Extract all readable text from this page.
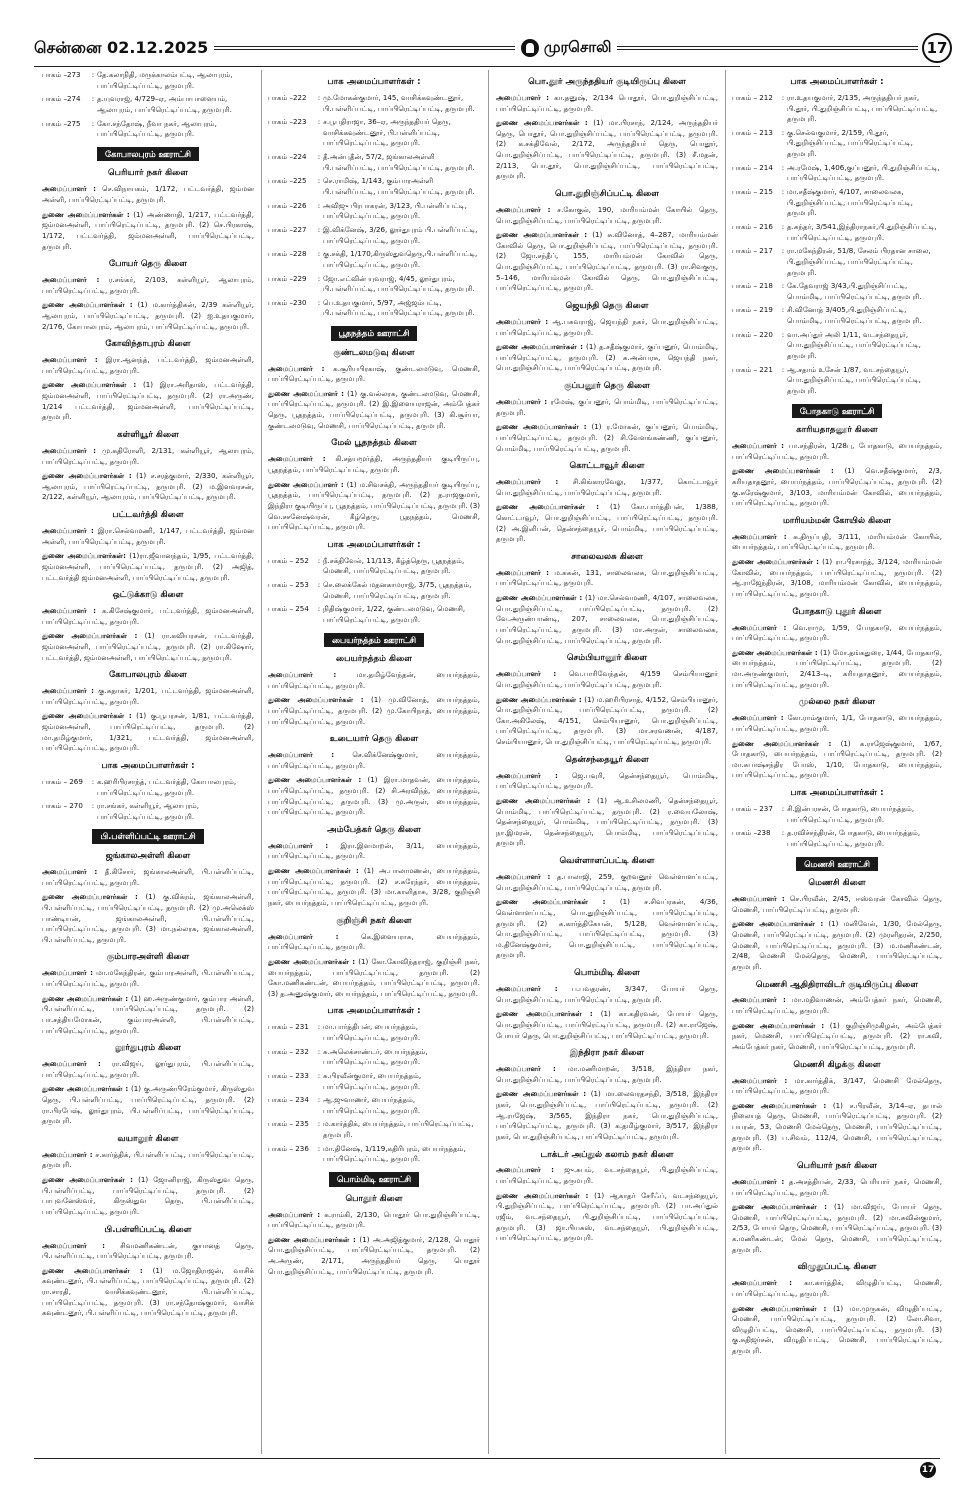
சென்னை 02.12.2025	முரசொலி	17
பாகம் –273	: தே.கலாநிதி, மருக்காலம்பட்டி, ஆலாபுரம், பாப்பிரெட்டிப்பட்டி, தருமபுரி.
பாகம் –274	: த.யுவராஜ், 4/729–ஏ, அம்பாபாளையம், ஆலாபுரம், பாப்பிரெட்டிப்பட்டி, தருமபுரி.
பாகம் –275	: கோ.சந்தோஷ், நீவா நகர், ஆலாபுரம், பாப்பிரெட்டிப்பட்டி, தருமபுரி.
கோபாலபுரம் ஊராட்சி
பெரியார் நகர் கிளை
அமைப்பாளர் : செ.விநாயகம், 1/172, பட்டவர்த்தி, ஜம்மன அள்ளி, பாப்பிரெட்டிப்பட்டி, தருமபுரி.
துணை அமைப்பாளர்கள் : (1) அண்ணாதி, 1/217, பட்டவர்த்தி, ஜம்மனஅள்ளி, பாப்பிரெட்டிப்பட்டி, தருமபுரி. (2) செ.பிரகாஷ், 1/172, பட்டவர்த்தி, ஜம்மனஅள்ளி, பாப்பிரெட்டிப்பட்டி, தருமபுரி.
போயர் தெரு கிளை
அமைப்பாளர் : ர.சங்கர், 2/103, கள்ளியூர், ஆலாபுரம், பாப்பிரெட்டிப்பட்டி, தருமபுரி.
துணை அமைப்பாளர்கள் : (1) ம.கார்த்திகன், 2/39 கள்ளியூர், ஆலாபுரம், பாப்பிரெட்டிப்பட்டி, தருமபுரி. (2) ஐ.உதயகுமார், 2/176, கோபாலபுரம், ஆலாபுரம், பாப்பிரெட்டிப்பட்டி, தருமபுரி.
கோவிந்தாபுரம் கிளை
அமைப்பாளர் : இரா.ஆனந்த், பட்டவர்த்தி, ஜம்மனஅள்ளி, பாப்பிரெட்டிப்பட்டி, தருமபுரி.
துணை அமைப்பாளர்கள் : (1) இரா.அரிதாஸ், பட்டவர்த்தி, ஜம்மனஅள்ளி, பாப்பிரெட்டிப்பட்டி, தருமபுரி. (2) ரா.அருண், 1/214 பட்டவர்த்தி, ஜம்மனஅள்ளி, பாப்பிரெட்டிப்பட்டி, தருமபுரி.
கள்ளியூர் கிளை
அமைப்பாளர் : மு.சுதிரோளி, 2/131, கள்ளியூர், ஆலாபுரம், பாப்பிரெட்டிப்பட்டி, தருமபுரி.
துணை அமைப்பாளர்கள் : (1) ச.சரத்குமார், 2/330, கள்ளியூர், ஆலாபுரம், பாப்பிரெட்டிப்பட்டி, தருமபுரி. (2) ம.இளவரசன், 2/122, கள்ளியூர், ஆலாபுரம், பாப்பிரெட்டிப்பட்டி, தருமபுரி.
பட்டவர்த்தி கிளை
அமைப்பாளர் : இரா.செல்வமணி, 1/147, பட்டவர்த்தி, ஜம்மன அள்ளி, பாப்பிரெட்டிப்பட்டி, தருமபுரி.
துணை அமைப்பாளர்கள்: (1)ரா.ஜீவானந்தம், 1/95, பட்டவர்த்தி, ஜம்மனஅள்ளி, பாப்பிரெட்டிப்பட்டி, தருமபுரி. (2) அஜித், பட்டவர்த்தி ஜம்மனஅள்ளி, பாப்பிரெட்டிப்பட்டி, தருமபுரி.
ஒட்டுக்காடு கிளை
அமைப்பாளர் : க.கிசேஷ்குமார், பட்டவர்த்தி, ஜம்மனஅள்ளி, பாப்பிரெட்டிப்பட்டி, தருமபுரி.
துணை அமைப்பாளர்கள் : (1) ரா.கவியரசன், பட்டவர்த்தி, ஜம்மனஅள்ளி, பாப்பிரெட்டிப்பட்டி, தருமபுரி. (2) ரா.கிஷோர், பட்டவர்த்தி, ஜம்மனஅள்ளி, பாப்பிரெட்டிப்பட்டி, தருமபுரி.
கோபாலபுரம் கிளை
அமைப்பாளர் : கு.சுதாகர், 1/201, பட்டவர்த்தி, ஜம்மனஅள்ளி, பாப்பிரெட்டிப்பட்டி, தருமபுரி.
துணை அமைப்பாளர்கள் : (1) கு.பூபரசன், 1/81, பட்டவர்த்தி, ஜம்மனஅள்ளி, பாப்பிரெட்டிப்பட்டி, தருமபுரி. (2) மா.தமிழ்குமார், 1/321, பட்டவர்த்தி, ஜம்மனஅள்ளி, பாப்பிரெட்டிப்பட்டி, தருமபுரி.
பாக அமைப்பாளர்கள் :
பாகம் – 269	: க.ஹரிபிரசாந்த், பட்டவர்த்தி, கோபாலபுரம், பாப்பிரெட்டிப்பட்டி, தருமபுரி.
பாகம் – 270	: ரா.சங்கர், கள்ளியூர், ஆலாபுரம், பாப்பிரெட்டிப்பட்டி, தருமபுரி.
பி.பள்ளிப்பட்டி ஊராட்சி
ஜங்காலஅள்ளி கிளை
அமைப்பாளர் : தீ.கிசோர், ஜங்காலஅள்ளி, பி.பள்ளிப்பட்டி, பாப்பிரெட்டிப்பட்டி, தருமபுரி.
துணை அமைப்பாளர்கள் : (1) கு.விக்ரம், ஜங்காலஅள்ளி, பி.பள்ளிப்பட்டி, பாப்பிரெட்டிப்பட்டி, தருமபுரி. (2) மு.அலெக்ஸ் பாண்டியன், ஜங்காலஅள்ளி, பி.பள்ளிப்பட்டி, பாப்பிரெட்டிப்பட்டி, தருமபுரி. (3) மா.நல்லரசு, ஜங்காலஅள்ளி, பி.பள்ளிப்பட்டி, தருமபுரி.
கும்பாரஅள்ளி கிளை
அமைப்பாளர் : மா.மகேந்திரன், கும்பாரஅள்ளி, பி.பள்ளிப்பட்டி, பாப்பிரெட்டிப்பட்டி, தருமபுரி.
துணை அமைப்பாளர்கள் : (1) ஹ.அருண்குமார், கும்பார அள்ளி, பி.பள்ளிப்பட்டி, பாப்பிரெட்டிப்பட்டி, தருமபுரி. (2) பா.சத்தியமோகன், கும்பாரஅள்ளி, பி.பள்ளிப்பட்டி, பாப்பிரெட்டிப்பட்டி, தருமபுரி.
லூர்துபுரம் கிளை
அமைப்பாளர் : ரா.விஜய், லூர்துபுரம், பி.பள்ளிப்பட்டி, பாப்பிரெட்டிப்பட்டி, தருமபுரி.
துணை அமைப்பாளர்கள் : (1) கு.அருண்பிரேம்குமார், கிருஸ்துவ தெரு, பி.பள்ளிப்பட்டி, பாப்பிரெட்டிப்பட்டி, தருமபுரி. (2) ரா.பிரபேஷ், லூர்துபுரம், பி.பள்ளிப்பட்டி, பாப்பிரெட்டிப்பட்டி, தருமபுரி.
வயாலூர் கிளை
அமைப்பாளர் : ச.கார்த்திக், பி.பள்ளிப்பட்டி, பாப்பிரெட்டிப்பட்டி, தருமபுரி.
துணை அமைப்பாளர்கள் : (1) ஜோனிராஜ், கிருஸ்துவ தெரு, பி.பள்ளிப்பட்டி, பாப்பிரெட்டிப்பட்டி, தருமபுரி. (2) பாபுவனேஸ்வர், கிருஸ்துவ தெரு, பி.பள்ளிப்பட்டி, பாப்பிரெட்டிப்பட்டி, தருமபுரி.
பி.பள்ளிப்பட்டி கிளை
அமைப்பாளர் : சிவமணிகண்டன், குயானத் தெரு, பி.பள்ளிப்பட்டி, பாப்பிரெட்டிப்பட்டி, தருமபுரி.
துணை அமைப்பாளர்கள் : (1) ம.ஜோதிராஜன், வாசிக் கவுண்டனூர், பி.பள்ளிப்பட்டி, பாப்பிரெட்டிப்பட்டி, தருமபுரி. (2) ரா.சாரதி, வாசிக்கவுண்டனூர், பி.பள்ளிப்பட்டி, பாப்பிரெட்டிப்பட்டி, தருமபுரி. (3) ரா.சந்தோஷ்குமார், வாசிக் கவுண்டனூர், பி.பள்ளிப்பட்டி, பாப்பிரெட்டிப்பட்டி, தருமபுரி.
பாக அமைப்பாளர்கள் :
பாகம் –222	: மு.மோகன்குமார், 145, வாசிக்கவுண்டனூர், பி.பள்ளிப்பட்டி, பாப்பிரெட்டிப்பட்டி, தருமபுரி.
பாகம் –223	: ச.பூபதிராஜா, 36–ஏ, அருந்ததியர் தெரு, வாசிக்கவுண்டனூர், பி.பள்ளிப்பட்டி, பாப்பிரெட்டிப்பட்டி, தருமபுரி.
பாகம் –224	: தீ.அன்புதீன், 57/2, ஜங்காலஅள்ளி பி.பள்ளிப்பட்டி, பாப்பிரெட்டிப்பட்டி, தருமபுரி.
பாகம் –225	: செ.ராமிஷ், 1/143, கும்பாரஅள்ளி பி.பள்ளிப்பட்டி, பாப்பிரெட்டிப்பட்டி, தருமபுரி.
பாகம் –226	: அவிஜு பிரபாகரன், 3/123, பி.பள்ளிப்பட்டி, பாப்பிரெட்டிப்பட்டி, தருமபுரி.
பாகம் –227	: இ.விக்னேஷ், 3/26, லூர்துபுரம் பி.பள்ளிப்பட்டி, பாப்பிரெட்டிப்பட்டி, தருமபுரி.
பாகம் –228	: கு.சக்தி, 1/170,கிருஸ்துவதெரு,பி.பள்ளிப்பட்டி, பாப்பிரெட்டிப்பட்டி, தருமபுரி.
பாகம் –229	: ஜோ.எட்வின் யுவராஜ், 4/45, லூர்துபுரம், பி.பள்ளிப்பட்டி, பாப்பிரெட்டிப்பட்டி, தருமபுரி.
பாகம் –230	: பெ.உதயகுமார், 5/97, அஜ்ஜம்பட்டி, பி.பள்ளிப்பட்டி, பாப்பிரெட்டிப்பட்டி, தருமபுரி.
பூதநத்தம் ஊராட்சி
குண்டலமடுவு கிளை
அமைப்பாளர் : சு.சூரியபிரகாஷ், குண்டலமடுவு, மெணசி, பாப்பிரெட்டிப்பட்டி, தருமபுரி.
துணை அமைப்பாளர் : (1) கு.வல்லரசு, குண்டலமடுவு, மெணசி, பாப்பிரெட்டிப்பட்டி, தருமபுரி. (2) இ.இளையராஜன், அம்பேத்கர் தெரு, பூதநத்தம், பாப்பிரெட்டிப்பட்டி, தருமபுரி. (3) கி.சூர்யா, குண்டலமடுவு, மெணசி, பாப்பிரெட்டிப்பட்டி, தருமபுரி.
மேல் பூதநத்தம் கிளை
அமைப்பாளர் : கி.சத்யமூர்த்தி, அருந்ததியர் குடியிருப்பு, பூதநத்தம், பாப்பிரெட்டிப்பட்டி, தருமபுரி.
துணை அமைப்பாளர் : (1) ம.சிவசக்தி, அருந்ததியர் குடியிருப்பு, பூதநத்தம், பாப்பிரெட்டிப்பட்டி, தருமபுரி. (2) த.ராஜகுமார், இந்திரா குடியிருப்பு, பூதநத்தம், பாப்பிரெட்டிப்பட்டி, தருமபுரி. (3) வெ.சசனேஷ்வரன், கீழ்தெரு, பூதநத்தம், மெணசி, பாப்பிரெட்டிப்பட்டி, தருமபுரி.
பாக அமைப்பாளர்கள் :
பாகம் – 252	: நீ.சக்திவேல், 11/113, கீழ்த்தெரு, பூதநத்தம், மெணசி, பாப்பிரெட்டிப்பட்டி, தருமபுரி.
பாகம் – 253	: செ.லைக்கேல் மதனகாமராஜ், 3/75, பூதநத்தம், மெணசி, பாப்பிரெட்டிப்பட்டி, தருமபுரி.
பாகம் – 254	: நிதிஷ்குமார், 1/22, குண்டலமடுவு, மெணசி, பாப்பிரெட்டிப்பட்டி, தருமபுரி.
பையர்நத்தம் ஊராட்சி
பையர்நத்தம் கிளை
அமைப்பாளர் :	மா.தமிழ்வேந்தன், பையர்நத்தம், பாப்பிரெட்டிப்பட்டி, தருமபுரி.
துணை அமைப்பாளர்கள் : (1) மு.வினோத், பையர்நத்தம், பாப்பிரெட்டிப்பட்டி, தருமபுரி. (2) மு.கோபிநாத், பையர்நத்தம், பாப்பிரெட்டிப்பட்டி, தருமபுரி.
உடையார் தெரு கிளை
அமைப்பாளர் :	செ.விக்னேஷ்குமார், பையர்நத்தம், பாப்பிரெட்டிப்பட்டி, தருமபுரி.
துணை அமைப்பாளர்கள் : (1) இரா.மாதவன், பையர்நத்தம், பாப்பிரெட்டிப்பட்டி, தருமபுரி. (2) சி.அரவிந்த், பையர்நத்தம், பாப்பிரெட்டிப்பட்டி, தருமபுரி. (3) மு.அருள், பையர்நத்தம், பாப்பிரெட்டிப்பட்டி, தருமபுரி.
அம்பேத்கர் தெரு கிளை
அமைப்பாளர் : இரா.இளமாறன், 3/11, பையர்நத்தம், பாப்பிரெட்டிப்பட்டி, தருமபுரி.
துணை அமைப்பாளர்கள் : (1) அ.பாலாமணன், பையர்நத்தம், பாப்பிரெட்டிப்பட்டி, தருமபுரி. (2) ச.சுரேந்தர், பையர்நத்தம், பாப்பிரெட்டிப்பட்டி, தருமபுரி. (3) மா.காளிதாசு, 3/28, குறிஞ்சி நகர், பையர்நத்தம், பாப்பிரெட்டிப்பட்டி, தருமபுரி.
குறிஞ்சி நகர் கிளை
அமைப்பாளர் :	கெ.இளையராசு, பையர்நத்தம், பாப்பிரெட்டிப்பட்டி, தருமபுரி.
துணை அமைப்பாளர்கள் : (1) கோ.கோவிந்தராஜ், குறிஞ்சி நகர், பையர்நத்தம், பாப்பிரெட்டிப்பட்டி, தருமபுரி. (2) கோ.மணிகண்டன், பையர்நத்தம், பாப்பிரெட்டிப்பட்டி, தருமபுரி. (3) த.அனுஷ்குமார், பையர்நத்தம், பாப்பிரெட்டிப்பட்டி, தருமபுரி.
பாக அமைப்பாளர்கள் :
பாகம் – 231	: மா.பார்த்திபன், பையர்நத்தம், பாப்பிரெட்டிப்பட்டி, தருமபுரி.
பாகம் – 232	: சு.அலெக்சாண்டர், பையர்நத்தம், பாப்பிரெட்டிப்பட்டி, தருமபுரி.
பாகம் – 233	: சு.பிரவீன்குமார், பையர்நத்தம், பாப்பிரெட்டிப்பட்டி, தருமபுரி.
பாகம் – 234	: ஆ.ஜுவாணர், பையர்நத்தம், பாப்பிரெட்டிப்பட்டி, தருமபுரி.
பாகம் – 235	: ம.கார்த்திக், பையர்நத்தம், பாப்பிரெட்டிப்பட்டி, தருமபுரி.
பாகம் – 236	: மா.தினேஷ், 1/119,கதிரிபுரம், பையர்நத்தம், பாப்பிரெட்டிப்பட்டி, தருமபுரி.
பொம்மிடி ஊராட்சி
பொதூர் கிளை
அமைப்பாளர் : க.ராம்கி, 2/130, பொதூர் பொ.துறிஞ்சிப்பட்டி, பாப்பிரெட்டிப்பட்டி, தருமபுரி.
துணை அமைப்பாளர்கள் : (1) அ.அஜித்குமார், 2/128, பொதூர் பொ.துறிஞ்சிப்பட்டி, பாப்பிரெட்டிப்பட்டி, தருமபுரி. (2) அ.அருண், 2/171, அருந்ததியர் தெரு, பொதூர் பொ.துறிஞ்சிப்பட்டி, பாப்பிரெட்டிப்பட்டி, தருமபுரி.
பொ.தூர் அருந்ததியர் குடியிருப்பு கிளை
அமைப்பாளர் : கா.தனுஷ், 2/134 பொதூர், பொ.துறிஞ்சிப்பட்டி, பாப்பிரெட்டிப்பட்டி, தருமபுரி.
துணை அமைப்பாளர்கள் : (1) மா.பிரசாந், 2/124, அருந்ததியர் தெரு, பொதூர், பொ.துறிஞ்சிப்பட்டி, பாப்பிரெட்டிப்பட்டி, தருமபுரி. (2) க.சக்திவேல், 2/172, அருந்ததியர் தெரு, பொதூர், பொ.துறிஞ்சிப்பட்டி, பாப்பிரெட்டிப்பட்டி, தருமபுரி. (3) சீ.மதன், 2/113, பொ.தூர், பொ.துறிஞ்சிப்பட்டி, பாப்பிரெட்டிப்பட்டி, தருமபுரி.
பொ.துறிஞ்சிப்பட்டி கிளை
அமைப்பாளர் : ச.கோகுல், 190, மாரியம்மன் கோயில் தெரு, பொ.துறிஞ்சிப்பட்டி, பாப்பிரெட்டிப்பட்டி, தருமபுரி.
துணை அமைப்பாளர்கள் : (1) சு.வினோத், 4–287, மாரியம்மன் கோவில் தெரு, பொ.துறிஞ்சிப்பட்டி, பாப்பிரெட்டிப்பட்டி, தருமபுரி. (2) ஜோ.சந்தீப், 155, மாரியம்மன் கோவில் தெரு, பொ.துறிஞ்சிப்பட்டி, பாப்பிரெட்டிப்பட்டி, தருமபுரி. (3) ரா.சிவகுரு, 5–146, மாரியம்மன் கோவில் தெரு, பொ.துறிஞ்சிப்பட்டி, பாப்பிரெட்டிப்பட்டி, தருமபுரி.
ஜெயந்தி தெரு கிளை
அமைப்பாளர் : ஆ.பசுவராஜ், ஜெயந்தி நகர், பொ.துறிஞ்சிப்பட்டி, பாப்பிரெட்டிப்பட்டி, தருமபுரி.
துணை அமைப்பாளர்கள் : (1) த.சதீஷ்குமார், குப்பனூர், பொம்மிடி, பாப்பிரெட்டிப்பட்டி, தருமபுரி. (2) சு.அன்பரசு, ஜெயந்தி நகர், பொ.துறிஞ்சிப்பட்டி, பாப்பிரெட்டிப்பட்டி, தருமபுரி.
குப்பனூர் தெரு கிளை
அமைப்பாளர் : ரமேஷ், குப்பனூர், பொம்மிடி, பாப்பிரெட்டிப்பட்டி, தருமபுரி.
துணை அமைப்பாளர்கள் : (1) ர.மோகன், குப்பனூர், பொம்மிடி, பாப்பிரெட்டிப்பட்டி, தருமபுரி. (2) சி.வேளங்கண்ணி, குப்பனூர், பொம்மிடி, பாப்பிரெட்டிப்பட்டி, தருமபுரி.
கொட்டாவூர் கிளை
அமைப்பாளர் : சி.கிங்காரவேலு, 1/377, கொட்டாவூர் பொ.துறிஞ்சிப்பட்டி, பாப்பிரெட்டிப்பட்டி, தருமபுரி.
துணை அமைப்பாளர்கள் : (1) கோ.பார்த்திபன், 1/388, கொட்டாவூர், பொ.துறிஞ்சிப்பட்டி, பாப்பிரெட்டிப்பட்டி, தருமபுரி. (2) அ.இளிபன், தென்சந்தையூர், பொம்மிடி, பாப்பிரெட்டிப்பட்டி, தருமபுரி.
சாலைவலசு கிளை
அமைப்பாளர் : ம.சுகன், 131, சாலைவலசு, பொ.துறிஞ்சிப்பட்டி, பாப்பிரெட்டிப்பட்டி, தருமபுரி.
துணை அமைப்பாளர்கள் : (1) மா.செல்வமணி, 4/107, சாலைவலசு, பொ.துறிஞ்சிப்பட்டி, பாப்பிரெட்டிப்பட்டி, தருமபுரி. (2) வே.அருண்பாண்டி, 207, சாலைவலசு, பொ.துறிஞ்சிப்பட்டி, பாப்பிரெட்டிப்பட்டி, தருமபுரி. (3) மா.அருள், சாலைவலசு, பொ.துறிஞ்சிப்பட்டி, பாப்பிரெட்டிப்பட்டி, தருமபுரி.
செம்பியானூர் கிளை
அமைப்பாளர் : வெ.பாரிவேந்தன், 4/159 செம்பியானூர் பொ.துறிஞ்சிப்பட்டி, பாப்பிரெட்டிப்பட்டி, தருமபுரி.
துணை அமைப்பாளர்கள் : (1) ம.ஹரிபிரசாத், 4/152, செம்பியானூர், பொ.துறிஞ்சிப்பட்டி, பாப்பிரெட்டிப்பட்டி, தருமபுரி. (2) கோ.அகிலேஷ், 4/151, செம்பியானூர், பொ.துறிஞ்சிப்பட்டி, பாப்பிரெட்டிப்பட்டி, தருமபுரி. (3) மா.சரவணன், 4/187, செம்பியானூர், பொ.துறிஞ்சிப்பட்டி, பாப்பிரெட்டிப்பட்டி, தருமபுரி.
தென்சந்தையூர் கிளை
அமைப்பாளர் : ஜெ.பவுரி, தென்சந்தையூர், பொம்மிடி, பாப்பிரெட்டிப்பட்டி, தருமபுரி.
துணை அமைப்பாளர்கள் : (1) ஆ.உசிலமணி, தென்சந்தையூர், பொம்மிடி, பாப்பிரெட்டிப்பட்டி, தருமபுரி. (2) ர.வையலோஷ், தென்சந்தையூர், பொம்மிடி, பாப்பிரெட்டிப்பட்டி, தருமபுரி. (3) நா.இமரன், தென்சந்தையூர், பொம்மிடி, பாப்பிரெட்டிப்பட்டி, தருமபுரி.
வெள்ளாளப்பட்டி கிளை
அமைப்பாளர் : த.பாலாஜி, 259, குறவனூர் வெள்ளாளப்பட்டி, பொ.துறிஞ்சிப்பட்டி, பாப்பிரெட்டிப்பட்டி, தருமபுரி.
துணை அமைப்பாளர்கள் : (1) ச.சிவப்ரகன், 4/36, வெள்ளாளப்பட்டி, பொ.துறிஞ்சிப்பட்டி, பாப்பிரெட்டிப்பட்டி, தருமபுரி. (2) க.கார்த்திகேயன், 5/128, வெள்ளாளப்பட்டி, பொ.துறிஞ்சிப்பட்டி, பாப்பிரெட்டிப்பட்டி, தருமபுரி. (3) ம.தினேஷ்குமார், பொ.துறிஞ்சிப்பட்டி, பாப்பிரெட்டிப்பட்டி, தருமபுரி.
பொம்மிடி கிளை
அமைப்பாளர் : ப.பவதரண், 3/347, போயர் தெரு, பொ.துறிஞ்சிப்பட்டி, பாப்பிரெட்டிப்பட்டி, தருமபுரி.
துணை அமைப்பாளர்கள் : (1) கா.கதிரவன், போயர் தெரு, பொ.துறிஞ்சிப்பட்டி, பாப்பிரெட்டிப்பட்டி, தருமபுரி. (2) கா.ராஜேஷ், போயர் தெரு, பொ.துறிஞ்சிப்பட்டி, பாப்பிரெட்டிப்பட்டி, தருமபுரி.
இந்திரா நகர் கிளை
அமைப்பாளர் : மா.மணிமாறன், 3/518, இந்திரா நகர், பொ.துறிஞ்சிப்பட்டி, பாப்பிரெட்டிப்பட்டி, தருமபுரி.
துணை அமைப்பாளர்கள் : (1) மா.லைவரதசந்தி, 3/518, இந்திரா நகர், பொ.துறிஞ்சிப்பட்டி, பாப்பிரெட்டிப்பட்டி, தருமபுரி. (2) ஆ.ராஜேஷ், 3/565, இந்திரா நகர், பொ.துறிஞ்சிப்பட்டி, பாப்பிரெட்டிப்பட்டி, தருமபுரி. (3) க.தமிழ்குமார், 3/517, இந்திரா நகர், பொ.துறிஞ்சிப்பட்டி, பாப்பிரெட்டிப்பட்டி, தருமபுரி.
டாக்டர் அப்துல் கலாம் நகர் கிளை
அமைப்பாளர் : ஜு.சுபம், வடசந்தையூர், பி.துறிஞ்சிப்பட்டி, பாப்பிரெட்டிப்பட்டி, தருமபுரி.
துணை அமைப்பாளர்கள் : (1) ஆகாதர் சேரீஃப், வடசந்தையூர், பி.துறிஞ்சிப்பட்டி, பாப்பிரெட்டிப்பட்டி, தருமபுரி. (2) பா.அப்துல் ரஜீம், வடசந்தையூர், பி.துறிஞ்சிப்பட்டி, பாப்பிரெட்டிப்பட்டி, தருமபுரி. (3) ஜா.பியசுஸ், வடசந்தையூர், பி.துறிஞ்சிப்பட்டி, பாப்பிரெட்டிப்பட்டி, தருமபுரி.
பாக அமைப்பாளர்கள் :
பாகம் – 212	: ரா.உதயகுமார், 2/135, அருந்ததியர் நகர், பி.தூர், பி.துறிஞ்சிப்பட்டி, பாப்பிரெட்டிப்பட்டி, தருமபுரி.
பாகம் – 213	: கு.செல்வகுமார், 2/159, பி.தூர், பி.துறிஞ்சிப்பட்டி, பாப்பிரெட்டிப்பட்டி, தருமபுரி.
பாகம் – 214	: அ.ரமேஷ், 1,406,குப்பனூர், பி.துறிஞ்சிப்பட்டி, பாப்பிரெட்டிப்பட்டி, தருமபுரி.
பாகம் – 215	: மா.சதீஷ்குமார், 4/107, சாலைவலசு, பி.துறிஞ்சிப்பட்டி, பாப்பிரெட்டிப்பட்டி, தருமபுரி.
பாகம் – 216	: த.சுந்தர், 3/541,இந்திராநகர்,பி.துறிஞ்சிப்பட்டி, பாப்பிரெட்டிப்பட்டி, தருமபுரி.
பாகம் – 217	: ரா.மகேந்திரன், 51/8, சேலம் பிரதான சாலை, பி.துறிஞ்சிப்பட்டி, பாப்பிரெட்டிப்பட்டி, தருமபுரி.
பாகம் – 218	: கே.தேவராஜ் 3/43,பி.துறிஞ்சிப்பட்டி, பொம்மிடி, பாப்பிரெட்டிப்பட்டி, தருமபுரி.
பாகம் – 219	: சி.வினோத் 3/405,பி.துறிஞ்சிப்பட்டி, பொம்மிடி, பாப்பிரெட்டிப்பட்டி, தருமபுரி.
பாகம் – 220	: வா.அப்துர் அலி 1/11, வடசந்தையூர், பொ.துறிஞ்சிப்பட்டி, பாப்பிரெட்டிப்பட்டி, தருமபுரி.
பாகம் – 221	: ஆ.சதாம் உசேன் 1/87, வடசந்தையூர், பொ.துறிஞ்சிப்பட்டி, பாப்பிரெட்டிப்பட்டி, தருமபுரி.
போதகாடு ஊராட்சி
காரியதாதனூர் கிளை
அமைப்பாளர் : பா.சந்திரன், 1/28பு, போதகாடு, பையர்நத்தம், பாப்பிரெட்டிப்பட்டி, தருமபுரி.
துணை அமைப்பாளர்கள் : (1) வெ.சதீஷ்குமார், 2/3, கரியதாதனூர், பையர்நத்தம், பாப்பிரெட்டிப்பட்டி, தருமபுரி. (2) கு.சுரேஷ்குமார், 3/103, மாரியம்மன் கோவில், பையர்நத்தம், பாப்பிரெட்டிப்பட்டி, தருமபுரி.
மாரியம்மன் கோயில் கிளை
அமைப்பாளர் : க.திருப்பதி, 3/111, மாரியம்மன் கோயில், பையர்நத்தம், பாப்பிரெட்டிப்பட்டி, தருமபுரி.
துணை அமைப்பாளர்கள் : (1) ரா.பிரசாந்த், 3/124, மாரியம்மன் கோவில், பையர்நத்தம், பாப்பிரெட்டிப்பட்டி, தருமபுரி. (2) ஆ.ராஜேந்திரன், 3/108, மாரியம்மன் கோவில், பையர்நத்தம், பாப்பிரெட்டிப்பட்டி, தருமபுரி.
போதகாடு புதூர் கிளை
அமைப்பாளர் : வெ.ராமு, 1/59, போதகாடு, பையர்நத்தம், பாப்பிரெட்டிப்பட்டி, தருமபுரி.
துணை அமைப்பாளர்கள் : (1) மோ.தங்கதுரை, 1/44, போதகாடு, பையர்நத்தம், பாப்பிரெட்டிப்பட்டி, தருமபுரி. (2) மா.அருண்குமார், 2/413–டி, கரியதாதனூர், பையர்நத்தம், பாப்பிரெட்டிப்பட்டி, தருமபுரி.
முல்லை நகர் கிளை
அமைப்பாளர் : கோ.ராம்குமார், 1/1, போதகாடு, பையர்நத்தம், பாப்பிரெட்டிப்பட்டி, தருமபுரி.
துணை அமைப்பாளர்கள் : (1) க.ராஜேஷ்குமார், 1/67, போதகாடு, பையர்நத்தம், பாப்பிரெட்டிப்பட்டி, தருமபுரி. (2) மா.சுபாஷ்சந்திர போஸ், 1/10, போதகாடு, பையர்நத்தம், பாப்பிரெட்டிப்பட்டி, தருமபுரி.
பாக அமைப்பாளர்கள் :
பாகம் – 237	: சி.இன்பரசன், போதகாடு, பையர்நத்தம், பாப்பிரெட்டிப்பட்டி, தருமபுரி.
பாகம் –238	: த.ரவிச்சந்திரன், போதகாடு, பையர்நத்தம், பாப்பிரெட்டிப்பட்டி, தருமபுரி.
மெணசி ஊராட்சி
மெணசி கிளை
அமைப்பாளர் : செ.பிரவீன், 2/45, ஈஸ்வரன் கோவில் தெரு, மெணசி, பாப்பிரெட்டிப்பட்டி, தருமபுரி.
துணை அமைப்பாளர்கள் : (1) மனிவேல், 1/30, மேல்தெரு, மெணசி, பாப்பிரெட்டிப்பட்டி, தருமபுரி. (2) முரளிதரன், 2/250, மெணசி, பாப்பிரெட்டிப்பட்டி, தருமபுரி. (3) ம.மணிகண்டன், 2/48, மெணசி மேல்தெரு, மெணசி, பாப்பிரெட்டிப்பட்டி, தருமபுரி.
மெணசி ஆதிதிராவிடர் குடியிருப்பு கிளை
அமைப்பாளர் : மா.மதிவாணன், அம்பேத்கர் நகர், மெணசி, பாப்பிரெட்டிப்பட்டி, தருமபுரி.
துணை அமைப்பாளர்கள் : (1) குறிஞ்சிமுகிழன், அம்பேத்கர் நகர், மெணசி, பாப்பிரெட்டிப்பட்டி, தருமபுரி. (2) ரா.கவி, அம்பேத்கர் நகர், மெணசி, பாப்பிரெட்டிப்பட்டி, தருமபுரி.
மெணசி கிழக்கு கிளை
அமைப்பாளர் : மா.கார்த்திக், 3/147, மெணசி மேல்தெரு, பாப்பிரெட்டிப்பட்டி, தருமபுரி.
துணை அமைப்பாளர்கள் : (1) ச.பிரவீன், 3/14–ஏ, தபால் நிலையத் தெரு, மெணசி, பாப்பிரெட்டிப்பட்டி, தருமபுரி. (2) பயரன், 53, மெணசி மேல்தெரு, மெணசி, பாப்பிரெட்டிப்பட்டி, தருமபுரி. (3) ப.சிவம், 112/4, மெணசி, பாப்பிரெட்டிப்பட்டி, தருமபுரி.
பெரியார் நகர் கிளை
அமைப்பாளர் : த.அசத்தியன், 2/33, பெரியார் நகர், மெணசி, பாப்பிரெட்டிப்பட்டி, தருமபுரி.
துணை அமைப்பாளர்கள் : (1) மா.விஜய், போயர் தெரு, மெணசி, பாப்பிரெட்டிப்பட்டி, தருமபுரி. (2) மா.சுவின்குமார், 2/53, போயர் தெரு, மெணசி, பாப்பிரெட்டிப்பட்டி, தருமபுரி. (3) க.மணிகண்டன், மேல் தெரு, மெணசி, பாப்பிரெட்டிப்பட்டி, தருமபுரி.
விழுதுப்பட்டி கிளை
அமைப்பாளர் : கா.கார்த்திக், விழுதிப்பட்டி, மெணசி, பாப்பிரெட்டிப்பட்டி, தருமபுரி.
துணை அமைப்பாளர்கள் : (1) மா.முருகன், விழுதிப்பட்டி, மெணசி, பாப்பிரெட்டிப்பட்டி, தருமபுரி. (2) லோ.சிவா, விழுதிப்பட்டி, மெணசி, பாப்பிரெட்டிப்பட்டி, தருமபுரி. (3) கு.சுதிஜர்சன், விழுதிப்பட்டி, மெணசி, பாப்பிரெட்டிப்பட்டி, தருமபுரி.
17
